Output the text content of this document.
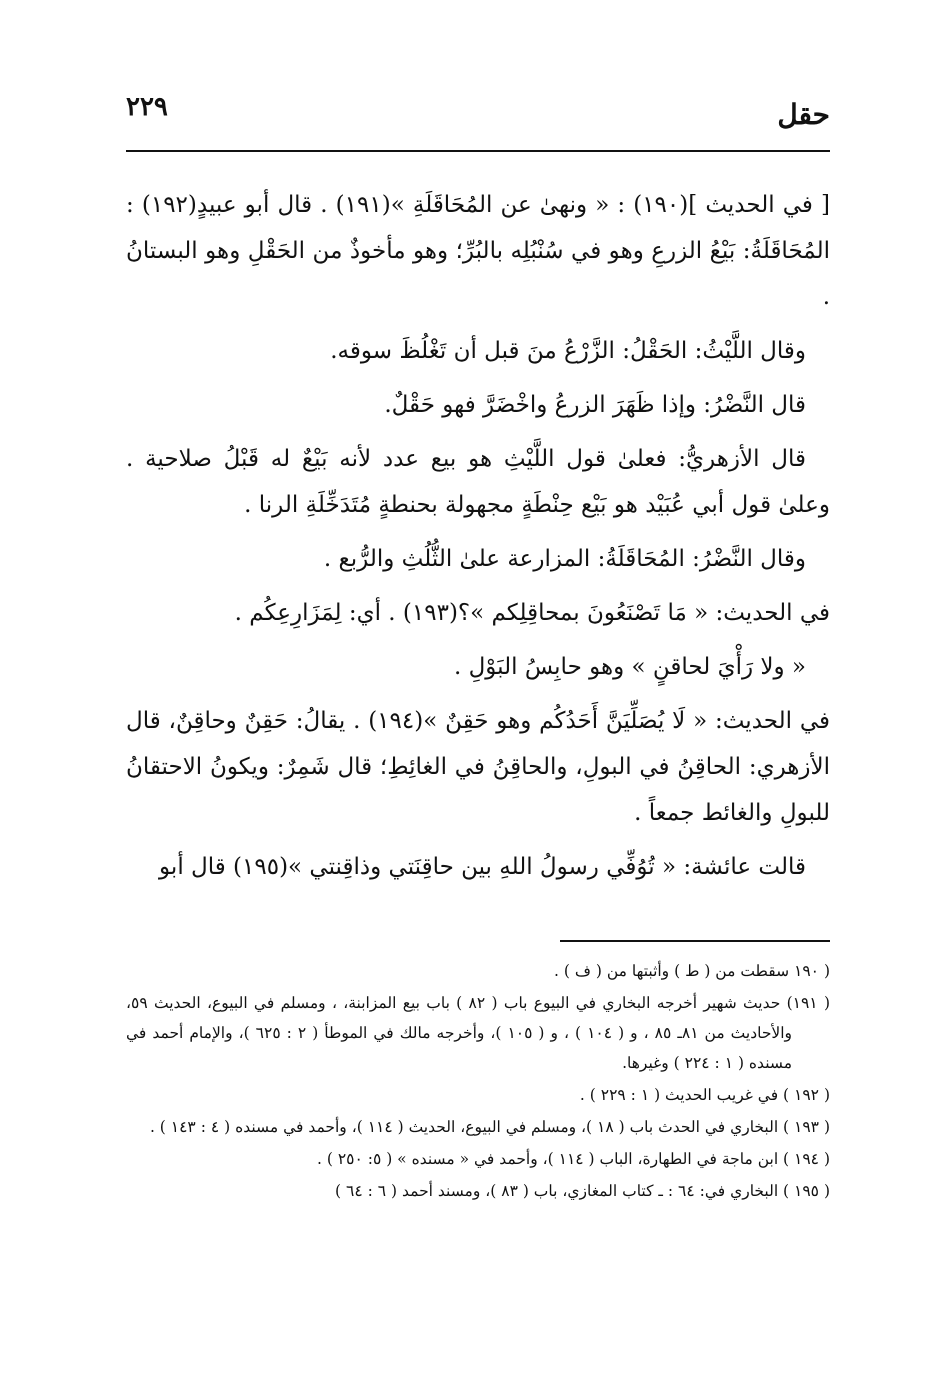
٢٢٩	حقل

[ في الحديث ](١٩٠) : « ونهىٰ عن المُحَاقَلَةِ »(١٩١) . قال أبو عبيدٍ(١٩٢) : المُحَاقَلَةُ: بَيْعُ الزرعِ وهو في سُنْبُلِه بالبُرِّ؛ وهو مأخوذٌ من الحَقْلِ وهو البستانُ .

وقال اللَّيْثُ: الحَقْلُ: الزَّرْعُ منَ قبل أن تَغْلُظَ سوقه.

قال النَّضْرُ: وإذا ظَهَرَ الزرعُ واخْضَرَّ فهو حَقْلٌ.

قال الأزهريُّ: فعلىٰ قول اللَّيْثِ هو بيع عدد لأنه بَيْعٌ له قَبْلُ صلاحية . وعلىٰ قول أبي عُبَيْد هو بَيْع حِنْطَةٍ مجهولة بحنطةٍ مُتَدَخِّلَةِ الرنا .

وقال النَّضْرُ: المُحَاقَلَةُ: المزارعة علىٰ الثُّلُثِ والرُّبع .

في الحديث: « مَا تَصْنَعُونَ بمحاقِلِكم »؟(١٩٣) . أي: لِمَزَارِعِكُم .

« ولا رَأْيَ لحاقنٍ » وهو حابِسُ البَوْلِ .

في الحديث: « لَا يُصَلِّيَنَّ أَحَدُكُم وهو حَقِنٌ »(١٩٤) . يقالُ: حَقِنٌ وحاقِنٌ، قال الأزهري: الحاقِنُ في البولِ، والحاقِنُ في الغائِطِ؛ قال شَمِرٌ: ويكونُ الاحتقانُ للبولِ والغائط جمعاً .

قالت عائشة: « تُوُفِّي رسولُ اللهِ بين حاقِنَتي وذاقِنتي »(١٩٥) قال أبو

( ١٩٠ سقطت من ( ط ) وأثبتها من ( ف ) .

( ١٩١) حديث شهير أخرجه البخاري في البيوع باب ( ٨٢ ) باب بيع المزابنة، ، ومسلم في البيوع، الحديث ٥٩، والأحاديث من ٨١ـ ٨٥ ، و ( ١٠٤ ) ، و ( ١٠٥ )، وأخرجه مالك في الموطأ ( ٢ : ٦٢٥ )، والإمام أحمد في مسنده ( ١ : ٢٢٤ ) وغيرها.

( ١٩٢ ) في غريب الحديث ( ١ : ٢٢٩ ) .

( ١٩٣ ) البخاري في الحدث باب ( ١٨ )، ومسلم في البيوع، الحديث ( ١١٤ )، وأحمد في مسنده ( ٤ : ١٤٣ ) .

( ١٩٤ ) ابن ماجة في الطهارة، الباب ( ١١٤ )، وأحمد في « مسنده » ( ٥: ٢٥٠ ) .

( ١٩٥ ) البخاري في: ٦٤ : ـ كتاب المغازي، باب ( ٨٣ )، ومسند أحمد ( ٦ : ٦٤ )
